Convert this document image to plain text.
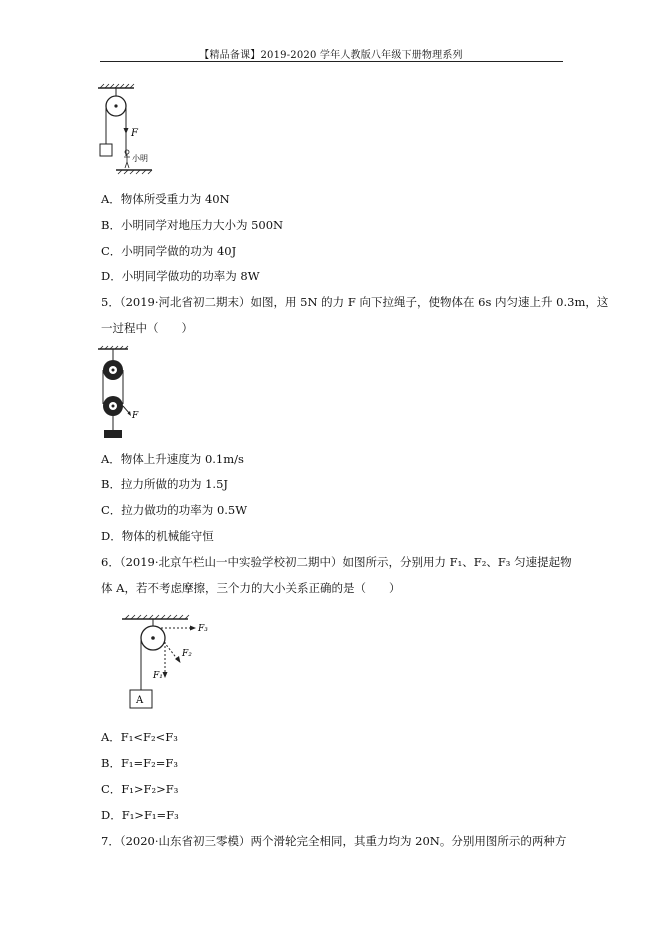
【精品备课】2019-2020 学年人教版八年级下册物理系列
F
小明
A．物体所受重力为 40N
B．小明同学对地压力大小为 500N
C．小明同学做的功为 40J
D．小明同学做功的功率为 8W
5．（2019·河北省初二期末）如图，用 5N 的力 F 向下拉绳子，使物体在 6s 内匀速上升 0.3m，这
一过程中（　　）
F
A．物体上升速度为 0.1m/s
B．拉力所做的功为 1.5J
C．拉力做功的功率为 0.5W
D．物体的机械能守恒
6．（2019·北京午栏山一中实验学校初二期中）如图所示，分别用力 F₁、F₂、F₃ 匀速提起物
体 A，若不考虑摩擦，三个力的大小关系正确的是（　　）
F₁
F₃
F₂
A
A．F₁<F₂<F₃
B．F₁=F₂=F₃
C．F₁>F₂>F₃
D．F₁>F₁=F₃
7．（2020·山东省初三零模）两个滑轮完全相同，其重力均为 20N。分别用图所示的两种方
